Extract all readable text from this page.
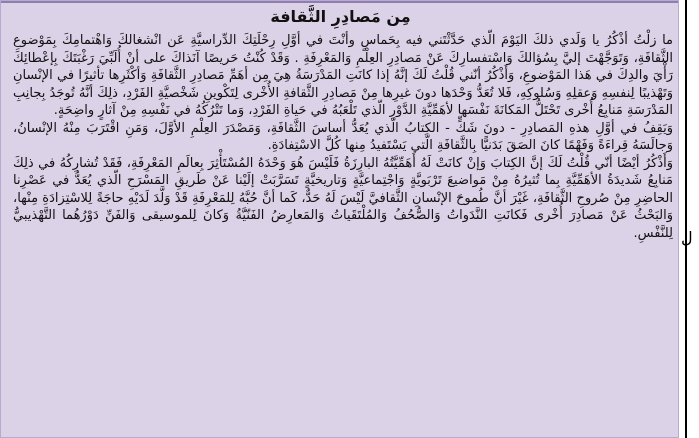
مِن مَصادِرِ الثَّقافة

ما زلْتُ أذْكُرُ يا وَلَدي ذلكَ اليَوْمَ الّذي حَدَّثْتَني فيه بِحَماسٍ وأنْتَ في أوَّلِ رِحْلَتِكَ الدِّراسيَّةِ عَن انْشغالكَ وَاهْتمامِكَ بِمَوْضوعِ الثَّقافَةِ، وَتَوَجَّهْتَ إليَّ بِسُؤالكَ وَاسْتفسارِكَ عَنْ مَصادِرِ العِلْمِ وَالمَعْرِفَةِ . وَقَدْ كُنْتُ حَريصًا آنَذاكَ على أنْ أُلَبِّيَ رَغْبَتَكَ بِإعْطائِكَ رَأْيَ والدِكَ في هَذا المَوْضوعِ، وَأَذْكُرُ أنّني قُلْتُ لَكَ إنَّهُ إذا كانَتِ المَدْرَسَةُ هِيَ مِن أهَمِّ مَصادِرِ الثَّقافَةِ وَأكْثَرِها تأثيرًا في الإنْسانِ وَتَهْذيبًا لِنفسِهِ وَعقلِهِ وَسُلوكِهِ، فَلا تُعَدُّ وَحْدَها دونَ غيرِها مِنْ مَصادِرِ الثَّقافةِ الأُخْرى لِتَكْوينِ شَخْصيَّةِ الفَرْدِ، ذلِكَ أنَّهُ تُوجَدُ بِجانِبِ المَدْرَسَةِ مَنابِعُ أُخْرى تَحْتَلُّ المَكانَةَ نَفْسَها لأهَمِّيَّةِ الدَّوْرِ الّذي تَلْعَبُهُ في حَياةِ الفَرْدِ، وَما تَتْرُكُهُ في نَفْسِهِ مِنْ آثارٍ واضِحَةٍ.

وَيَقِفُ في أوَّلِ هذهِ المَصادِرِ - دونَ شَكٍّ - الكِتابُ الّذي يُعَدُّ أساسَ الثَّقافَةِ، وَمَصْدَرَ العِلْمِ الأوَّلَ، وَمَنِ اقْتَرَبَ مِنْهُ الإنْسانُ، وَجالَسَهُ قِراءَةً وَفَهْمًا كانَ الصَقَ بَدَنيًّا بِالثَّقافَةِ الّتي يَسْتَفيدُ مِنها كُلَّ الاسْتِفادَةِ.

وَأَذْكُرُ أيْضًا أنّي قُلْتُ لَكَ إنَّ الكِتابَ وَإنْ كانَتْ لَهُ أَهَمِّيَّتُهُ البارِزَةُ فَلَيْسَ هُوَ وَحْدَهُ المُسْتَأْثِرَ بِعالَمِ المَعْرِفَةِ، فَقَدْ تُشارِكُهُ في ذلِكَ مَنابِعُ شَديدَةُ الأهَمِّيَّةِ بِما تُثيرُهُ مِنْ مَواضيعَ تَرْبَويَّةٍ وَاجْتِماعيَّةٍ وَتاريخيَّةٍ تَسَرَّبَتْ إلَيْنا عَنْ طَريقِ المَسْرَحِ الّذي يُعَدُّ في عَصْرِنا الحاضِرِ مِنْ صُروحِ الثَّقافَةِ، غَيْرَ أنَّ طُموحَ الإنْسانِ الثَّقافيَّ لَيْسَ لَهُ حَدٌّ، كَما أنَّ حُبَّهُ لِلمَعْرِفَةِ قَدْ وَلَّدَ لَدَيْهِ حاجَةً لِلاسْتِزادَةِ مِنْها، وَالبَحْثُ عَنْ مَصادِرَ أُخْرى فَكانَتِ النَّدَواتُ وَالصُّحُفُ وَالمُلْتَقَياتُ وَالمَعارِضُ الفَنّيَّةُ وَكانَ لِلموسيقى وَالفَنِّ دَوْرُهُما التَّهْذيبيُّ لِلنَّفْسِ. ل
